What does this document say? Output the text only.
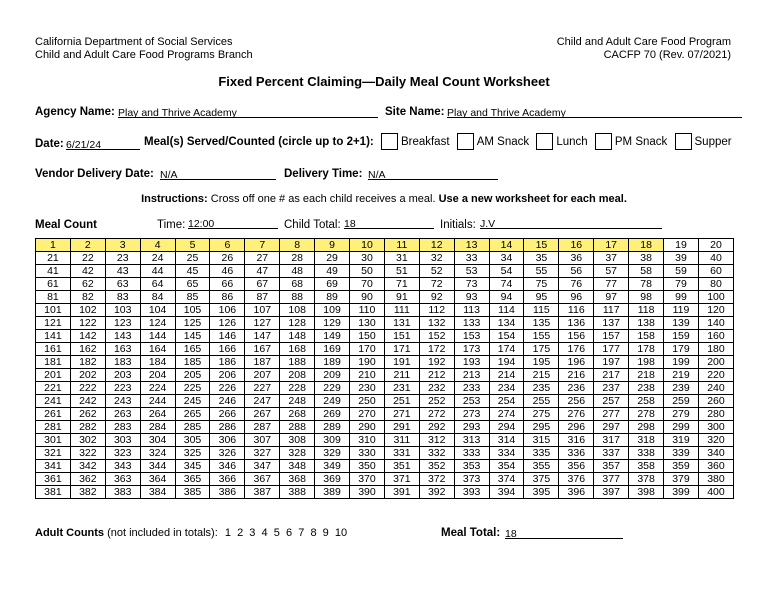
California Department of Social Services
Child and Adult Care Food Programs Branch
Child and Adult Care Food Program
CACFP 70 (Rev. 07/2021)
Fixed Percent Claiming—Daily Meal Count Worksheet
Agency Name: Play and Thrive Academy	Site Name: Play and Thrive Academy
Date: 6/21/24	Meal(s) Served/Counted (circle up to 2+1): Breakfast AM Snack Lunch PM Snack Supper
Vendor Delivery Date: N/A	Delivery Time: N/A
Instructions: Cross off one # as each child receives a meal. Use a new worksheet for each meal.
Meal Count	Time: 12:00	Child Total: 18	Initials: J.V
1	2	3	4	5	6	7	8	9	10	11	12	13	14	15	16	17	18	19	20
21	22	23	24	25	26	27	28	29	30	31	32	33	34	35	36	37	38	39	40
41	42	43	44	45	46	47	48	49	50	51	52	53	54	55	56	57	58	59	60
61	62	63	64	65	66	67	68	69	70	71	72	73	74	75	76	77	78	79	80
81	82	83	84	85	86	87	88	89	90	91	92	93	94	95	96	97	98	99	100
101	102	103	104	105	106	107	108	109	110	111	112	113	114	115	116	117	118	119	120
121	122	123	124	125	126	127	128	129	130	131	132	133	134	135	136	137	138	139	140
141	142	143	144	145	146	147	148	149	150	151	152	153	154	155	156	157	158	159	160
161	162	163	164	165	166	167	168	169	170	171	172	173	174	175	176	177	178	179	180
181	182	183	184	185	186	187	188	189	190	191	192	193	194	195	196	197	198	199	200
201	202	203	204	205	206	207	208	209	210	211	212	213	214	215	216	217	218	219	220
221	222	223	224	225	226	227	228	229	230	231	232	233	234	235	236	237	238	239	240
241	242	243	244	245	246	247	248	249	250	251	252	253	254	255	256	257	258	259	260
261	262	263	264	265	266	267	268	269	270	271	272	273	274	275	276	277	278	279	280
281	282	283	284	285	286	287	288	289	290	291	292	293	294	295	296	297	298	299	300
301	302	303	304	305	306	307	308	309	310	311	312	313	314	315	316	317	318	319	320
321	322	323	324	325	326	327	328	329	330	331	332	333	334	335	336	337	338	339	340
341	342	343	344	345	346	347	348	349	350	351	352	353	354	355	356	357	358	359	360
361	362	363	364	365	366	367	368	369	370	371	372	373	374	375	376	377	378	379	380
381	382	383	384	385	386	387	388	389	390	391	392	393	394	395	396	397	398	399	400
Adult Counts (not included in totals): 1  2  3  4  5  6  7  8  9  10	Meal Total: 18
